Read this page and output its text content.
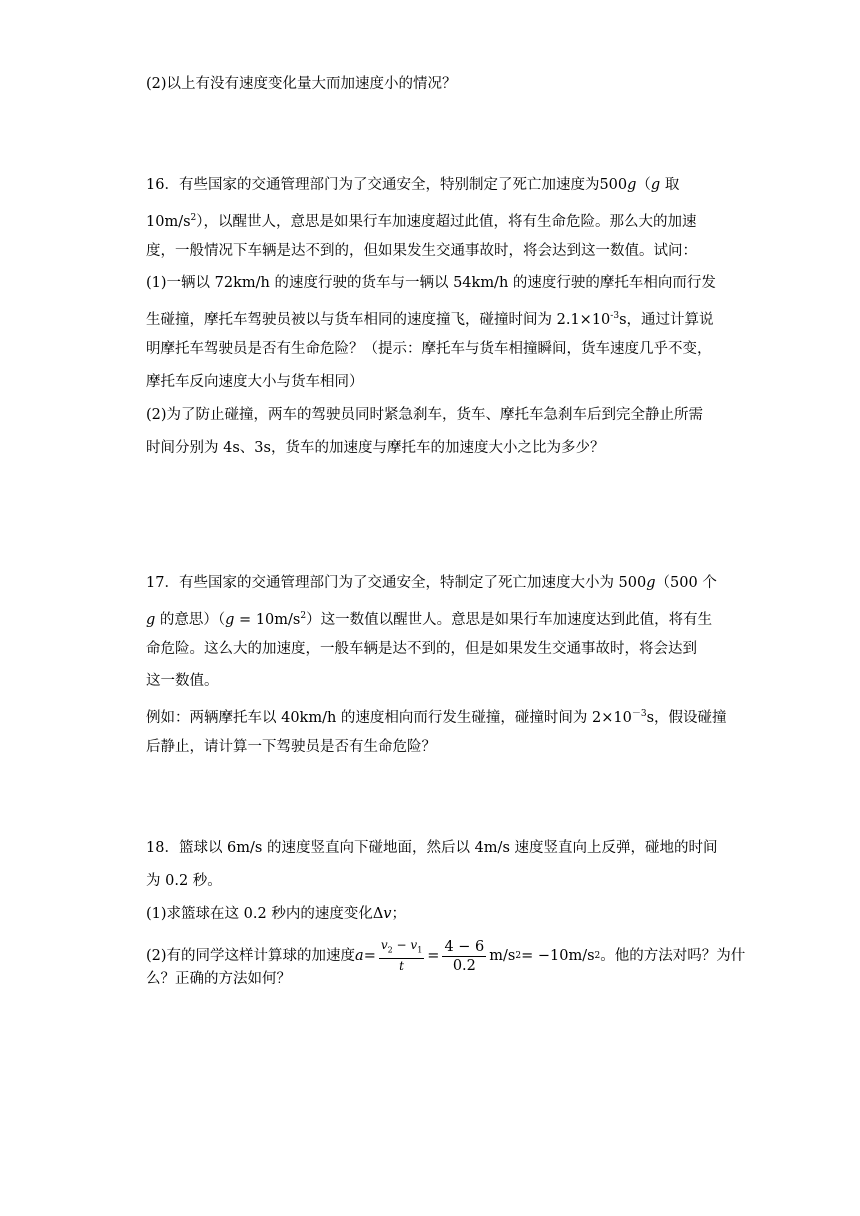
(2)以上有没有速度变化量大而加速度小的情况？
16．有些国家的交通管理部门为了交通安全，特别制定了死亡加速度为500g（g 取
$10m/s^2$），以醒世人，意思是如果行车加速度超过此值，将有生命危险。那么大的加速
度，一般情况下车辆是达不到的，但如果发生交通事故时，将会达到这一数值。试问：
(1)一辆以 72km/h 的速度行驶的货车与一辆以 54km/h 的速度行驶的摩托车相向而行发
生碰撞，摩托车驾驶员被以与货车相同的速度撞飞，碰撞时间为 $2.1\times 10^{-3}s$，通过计算说
明摩托车驾驶员是否有生命危险？（提示：摩托车与货车相撞瞬间，货车速度几乎不变，
摩托车反向速度大小与货车相同）
(2)为了防止碰撞，两车的驾驶员同时紧急刹车，货车、摩托车急刹车后到完全静止所需
时间分别为 4s、3s，货车的加速度与摩托车的加速度大小之比为多少？
17．有些国家的交通管理部门为了交通安全，特制定了死亡加速度大小为 500g（500 个
g 的意思）$(g = 10m/s^2)$这一数值以醒世人。意思是如果行车加速度达到此值，将有生
命危险。这么大的加速度，一般车辆是达不到的，但是如果发生交通事故时，将会达到
这一数值。
例如：两辆摩托车以 40km/h 的速度相向而行发生碰撞，碰撞时间为 $2\times 10^{-3}s$，假设碰撞
后静止，请计算一下驾驶员是否有生命危险？
18．篮球以 6m/s 的速度竖直向下碰地面，然后以 4m/s 速度竖直向上反弹，碰地的时间
为 0.2 秒。
(1)求篮球在这 0.2 秒内的速度变化Δv；
(2)有的同学这样计算球的加速度 $a = \frac{v_2 - v_1}{t} = \frac{4 - 6}{0.2} m/s$ 2 = −10m/s 2 。他的方法对吗？为什
么？正确的方法如何？
